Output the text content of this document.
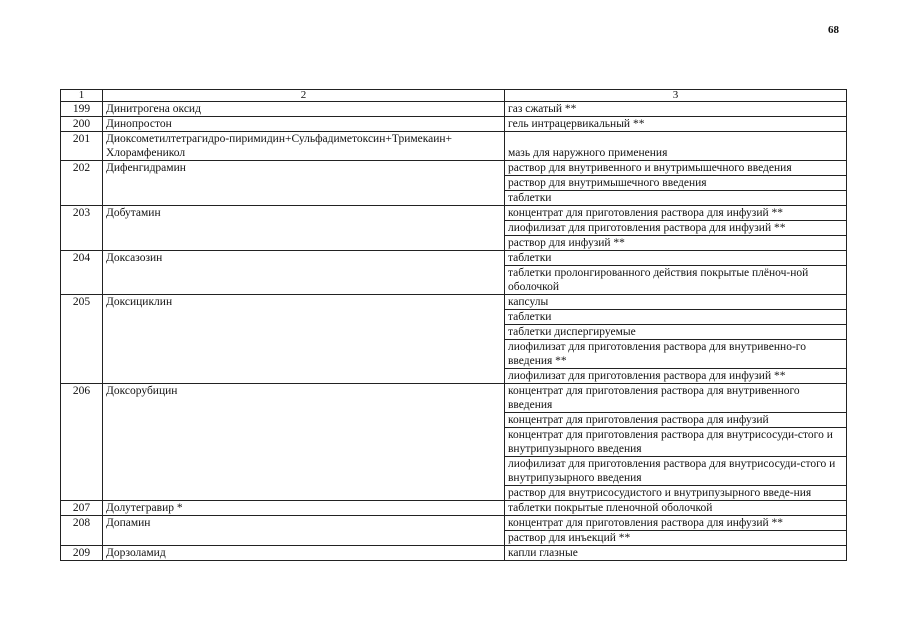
68
1	2	3
199	Динитрогена оксид	газ сжатый **

200	Динопростон	гель интрацервикальный **

201	Диоксометилтетрагидро-пиримидин+Сульфадиметоксин+Тримекаин+ Хлорамфеникол	мазь для наружного применения

202	Дифенгидрамин	раствор для внутривенного и внутримышечного введения
раствор для внутримышечного введения
таблетки

203	Добутамин	концентрат для приготовления раствора для инфузий **
лиофилизат для приготовления раствора для инфузий **
раствор для инфузий **

204	Доксазозин	таблетки
таблетки пролонгированного действия покрытые плёноч-ной оболочкой

205	Доксициклин	капсулы
таблетки
таблетки диспергируемые
лиофилизат для приготовления раствора для внутривенно-го введения **
лиофилизат для приготовления раствора для инфузий **

206	Доксорубицин	концентрат для приготовления раствора для внутривенного введения
концентрат для приготовления раствора для инфузий
концентрат для приготовления раствора для внутрисосуди-стого и внутрипузырного введения
лиофилизат для приготовления раствора для внутрисосуди-стого и внутрипузырного введения
раствор для внутрисосудистого и внутрипузырного введе-ния

207	Долутегравир *	таблетки покрытые пленочной оболочкой

208	Допамин	концентрат для приготовления раствора для инфузий **
раствор для инъекций **

209	Дорзоламид	капли глазные
